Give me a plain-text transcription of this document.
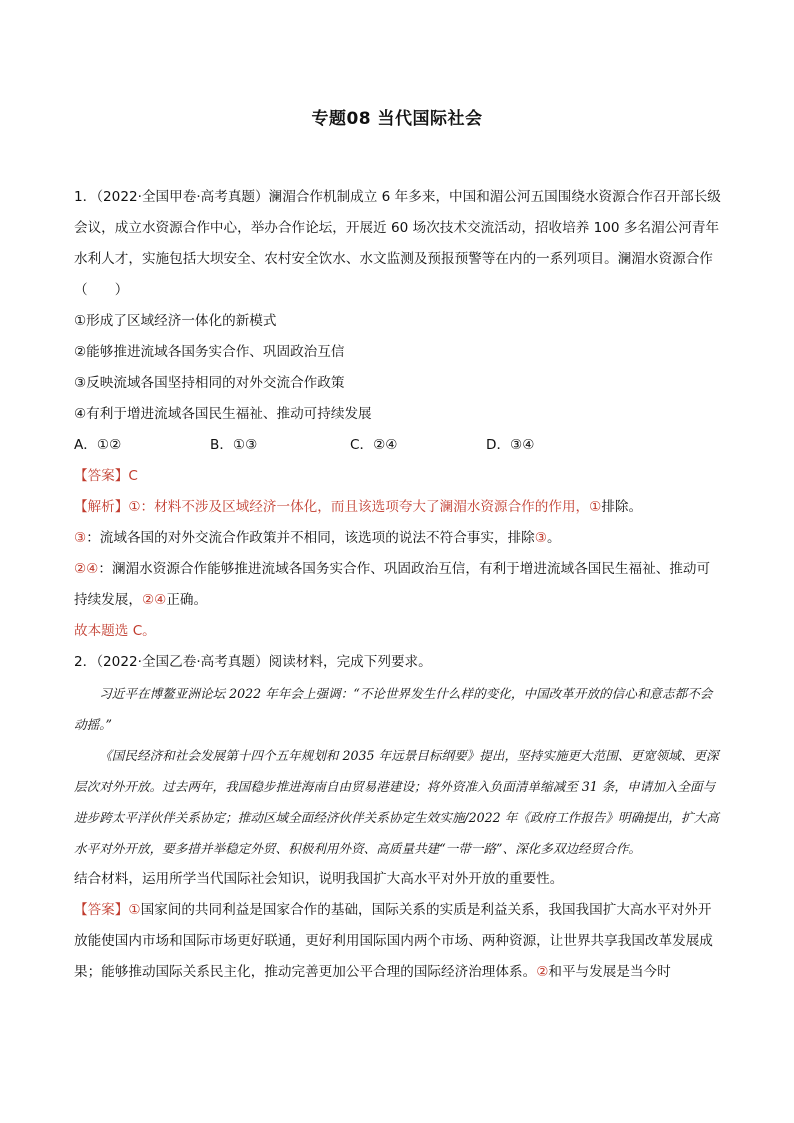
专题08 当代国际社会

1．（2022·全国甲卷·高考真题）澜湄合作机制成立 6 年多来，中国和湄公河五国围绕水资源合作召开部长级会议，成立水资源合作中心，举办合作论坛，开展近 60 场次技术交流活动，招收培养 100 多名湄公河青年水利人才，实施包括大坝安全、农村安全饮水、水文监测及预报预警等在内的一系列项目。澜湄水资源合作（　　）

①形成了区域经济一体化的新模式

②能够推进流域各国务实合作、巩固政治互信

③反映流域各国坚持相同的对外交流合作政策

④有利于增进流域各国民生福祉、推动可持续发展

A．①②	B．①③	C．②④	D．③④

【答案】C

【解析】①：材料不涉及区域经济一体化，而且该选项夸大了澜湄水资源合作的作用，①排除。

③：流域各国的对外交流合作政策并不相同，该选项的说法不符合事实，排除③。

②④：澜湄水资源合作能够推进流域各国务实合作、巩固政治互信，有利于增进流域各国民生福祉、推动可持续发展，②④正确。

故本题选 C。

2．（2022·全国乙卷·高考真题）阅读材料，完成下列要求。

习近平在博鳌亚洲论坛 2022 年年会上强调：“不论世界发生什么样的变化，中国改革开放的信心和意志都不会动摇。”

《国民经济和社会发展第十四个五年规划和 2035 年远景目标纲要》提出，坚持实施更大范围、更宽领域、更深层次对外开放。过去两年，我国稳步推进海南自由贸易港建设；将外资准入负面清单缩减至 31 条，申请加入全面与进步跨太平洋伙伴关系协定；推动区域全面经济伙伴关系协定生效实施/2022 年《政府工作报告》明确提出，扩大高水平对外开放，要多措并举稳定外贸、积极利用外资、高质量共建“一带一路”、深化多双边经贸合作。

结合材料，运用所学当代国际社会知识，说明我国扩大高水平对外开放的重要性。

【答案】①国家间的共同利益是国家合作的基础，国际关系的实质是利益关系，我国我国扩大高水平对外开放能使国内市场和国际市场更好联通，更好利用国际国内两个市场、两种资源，让世界共享我国改革发展成果；能够推动国际关系民主化，推动完善更加公平合理的国际经济治理体系。②和平与发展是当今时
